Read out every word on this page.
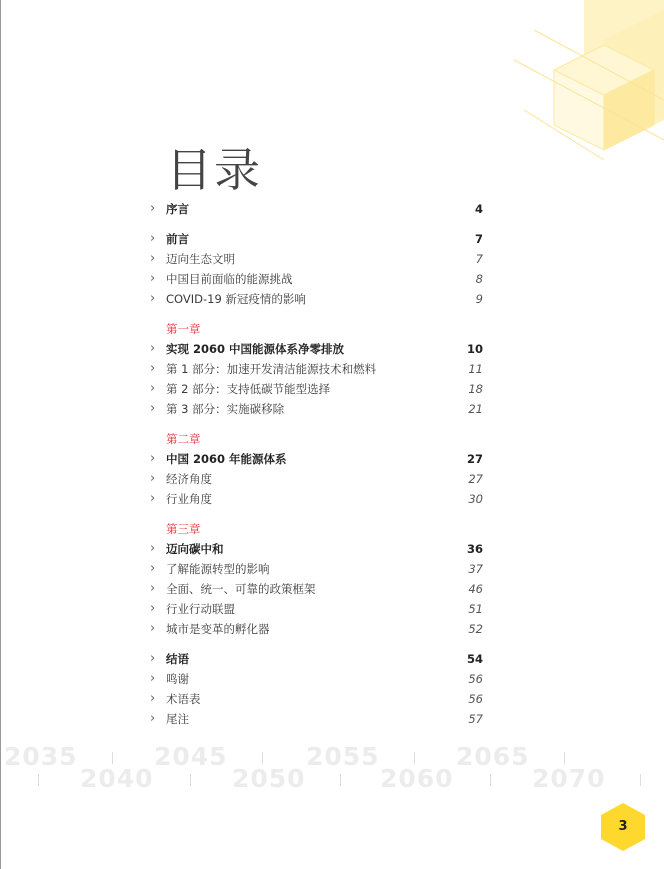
目录
› 序言	4
› 前言	7
› 迈向生态文明	7
› 中国目前面临的能源挑战	8
› COVID-19 新冠疫情的影响	9
第一章
› 实现 2060 中国能源体系净零排放	10
› 第 1 部分：加速开发清洁能源技术和燃料	11
› 第 2 部分：支持低碳节能型选择	18
› 第 3 部分：实施碳移除	21
第二章
› 中国 2060 年能源体系	27
› 经济角度	27
› 行业角度	30
第三章
› 迈向碳中和	36
› 了解能源转型的影响	37
› 全面、统一、可靠的政策框架	46
› 行业行动联盟	51
› 城市是变革的孵化器	52
› 结语	54
› 鸣谢	56
› 术语表	56
› 尾注	57
2035	2045	2055	2065
2040	2050	2060	2070
3
